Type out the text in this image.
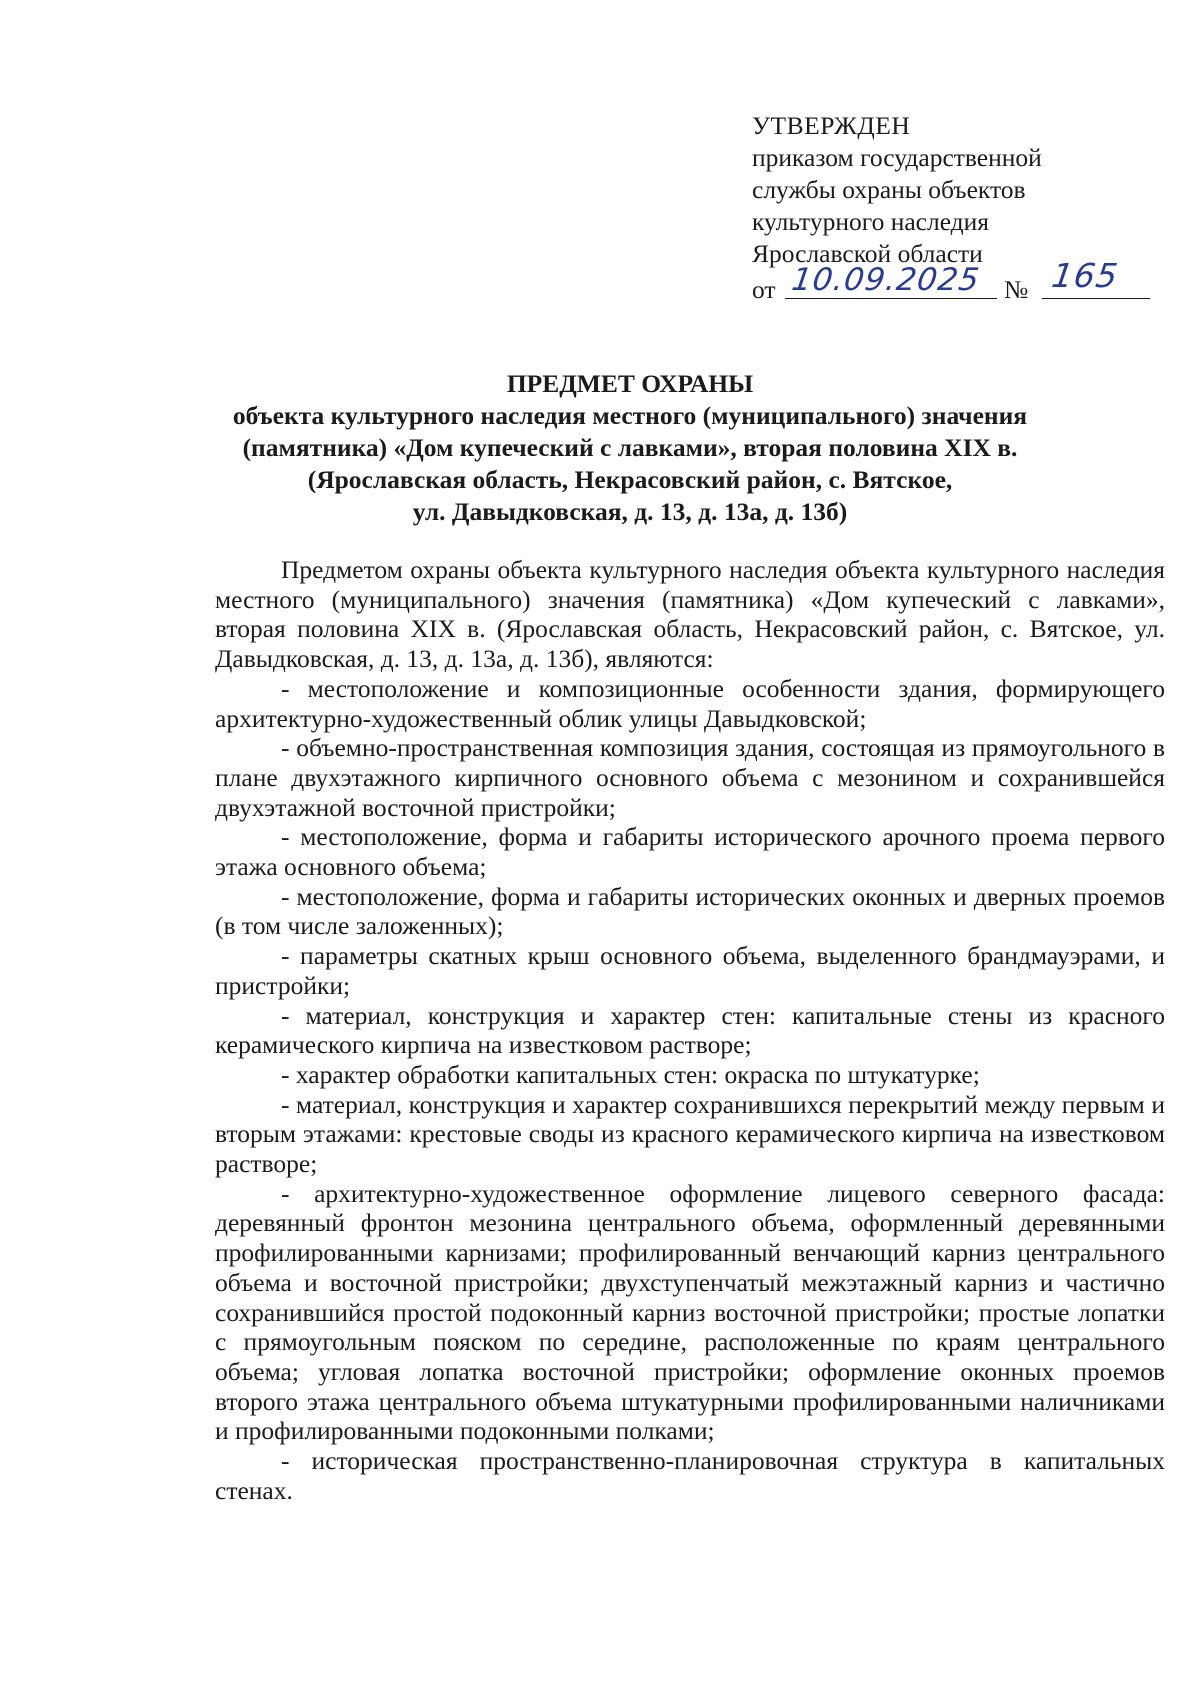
УТВЕРЖДЕН
приказом государственной
службы охраны объектов
культурного наследия
Ярославской области
от 10.09.2025 № 165
ПРЕДМЕТ ОХРАНЫ
объекта культурного наследия местного (муниципального) значения
(памятника) «Дом купеческий с лавками», вторая половина XIX в.
(Ярославская область, Некрасовский район, с. Вятское,
ул. Давыдковская, д. 13, д. 13а, д. 13б)

Предметом охраны объекта культурного наследия объекта культурного наследия местного (муниципального) значения (памятника) «Дом купеческий с лавками», вторая половина XIX в. (Ярославская область, Некрасовский район, с. Вятское, ул. Давыдковская, д. 13, д. 13а, д. 13б), являются:

- местоположение и композиционные особенности здания, формирующего архитектурно-художественный облик улицы Давыдковской;

- объемно-пространственная композиция здания, состоящая из прямоугольного в плане двухэтажного кирпичного основного объема с мезонином и сохранившейся двухэтажной восточной пристройки;

- местоположение, форма и габариты исторического арочного проема первого этажа основного объема;

- местоположение, форма и габариты исторических оконных и дверных проемов (в том числе заложенных);

- параметры скатных крыш основного объема, выделенного брандмауэрами, и пристройки;

- материал, конструкция и характер стен: капитальные стены из красного керамического кирпича на известковом растворе;

- характер обработки капитальных стен: окраска по штукатурке;

- материал, конструкция и характер сохранившихся перекрытий между первым и вторым этажами: крестовые своды из красного керамического кирпича на известковом растворе;

- архитектурно-художественное оформление лицевого северного фасада: деревянный фронтон мезонина центрального объема, оформленный деревянными профилированными карнизами; профилированный венчающий карниз центрального объема и восточной пристройки; двухступенчатый межэтажный карниз и частично сохранившийся простой подоконный карниз восточной пристройки; простые лопатки с прямоугольным пояском по середине, расположенные по краям центрального объема; угловая лопатка восточной пристройки; оформление оконных проемов второго этажа центрального объема штукатурными профилированными наличниками и профилированными подоконными полками;

- историческая пространственно-планировочная структура в капитальных стенах.
